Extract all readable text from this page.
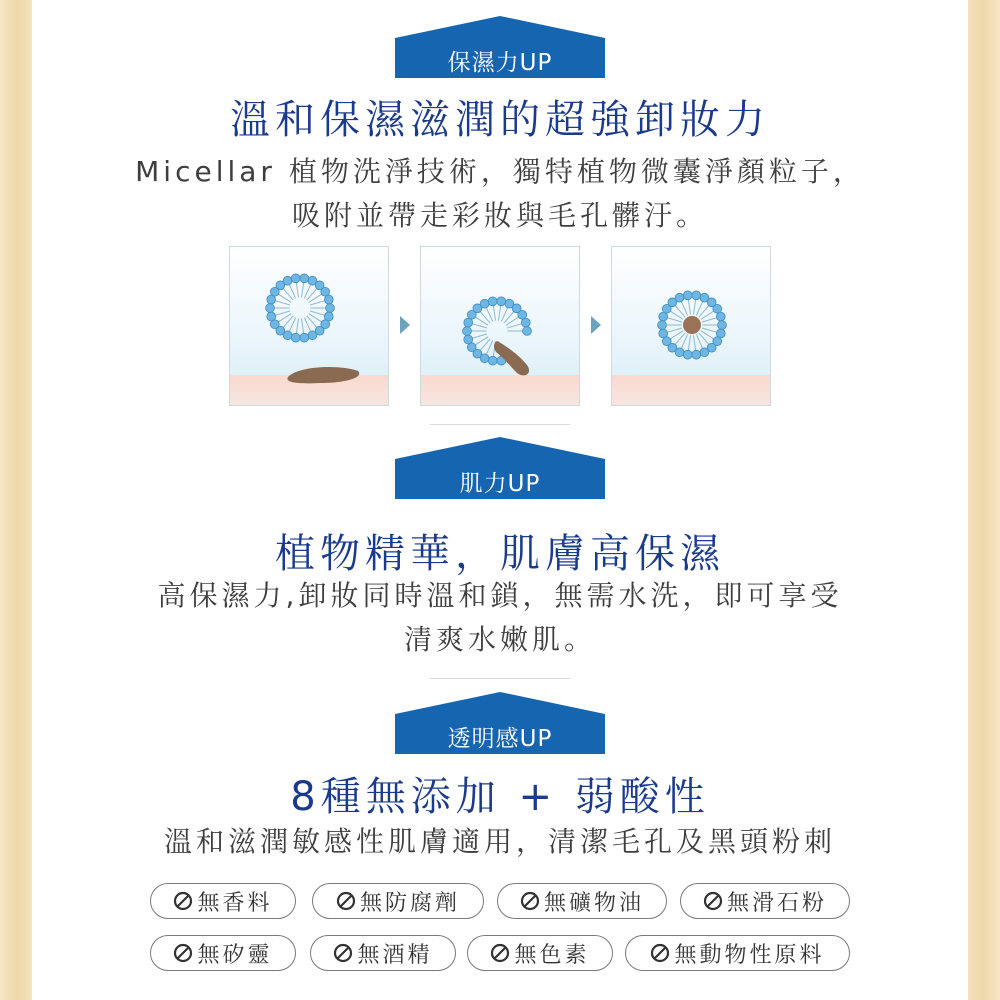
保濕力UP
溫和保濕滋潤的超強卸妝力
Micellar 植物洗淨技術，獨特植物微囊淨顏粒子，
吸附並帶走彩妝與毛孔髒汙。
肌力UP
植物精華，肌膚高保濕
高保濕力,卸妝同時溫和鎖，無需水洗，即可享受
清爽水嫩肌。
透明感UP
8種無添加 + 弱酸性
溫和滋潤敏感性肌膚適用，清潔毛孔及黑頭粉刺
無香料	無防腐劑	無礦物油	無滑石粉
無矽靈	無酒精	無色素	無動物性原料
